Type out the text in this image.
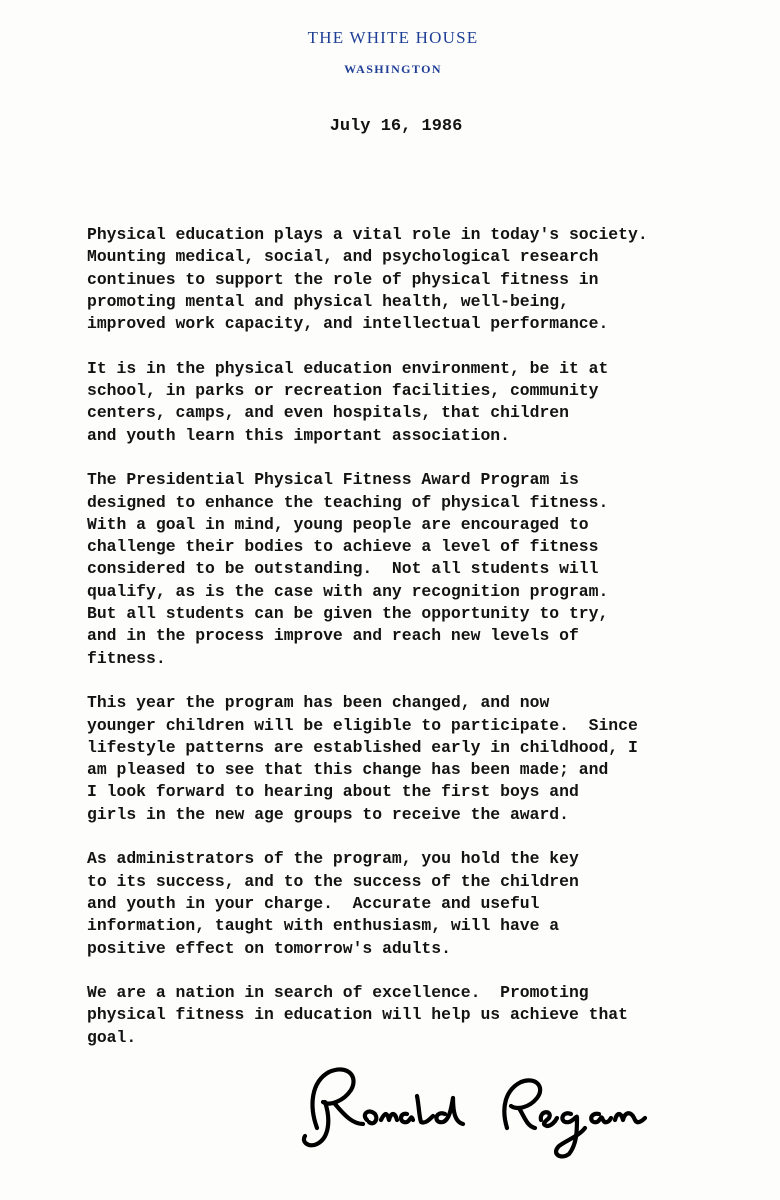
THE WHITE HOUSE
WASHINGTON
July 16, 1986

Physical education plays a vital role in today's society.
Mounting medical, social, and psychological research
continues to support the role of physical fitness in
promoting mental and physical health, well-being,
improved work capacity, and intellectual performance.

It is in the physical education environment, be it at
school, in parks or recreation facilities, community
centers, camps, and even hospitals, that children
and youth learn this important association.

The Presidential Physical Fitness Award Program is
designed to enhance the teaching of physical fitness.
With a goal in mind, young people are encouraged to
challenge their bodies to achieve a level of fitness
considered to be outstanding.  Not all students will
qualify, as is the case with any recognition program.
But all students can be given the opportunity to try,
and in the process improve and reach new levels of
fitness.

This year the program has been changed, and now
younger children will be eligible to participate.  Since
lifestyle patterns are established early in childhood, I
am pleased to see that this change has been made; and
I look forward to hearing about the first boys and
girls in the new age groups to receive the award.

As administrators of the program, you hold the key
to its success, and to the success of the children
and youth in your charge.  Accurate and useful
information, taught with enthusiasm, will have a
positive effect on tomorrow's adults.

We are a nation in search of excellence.  Promoting
physical fitness in education will help us achieve that
goal.
